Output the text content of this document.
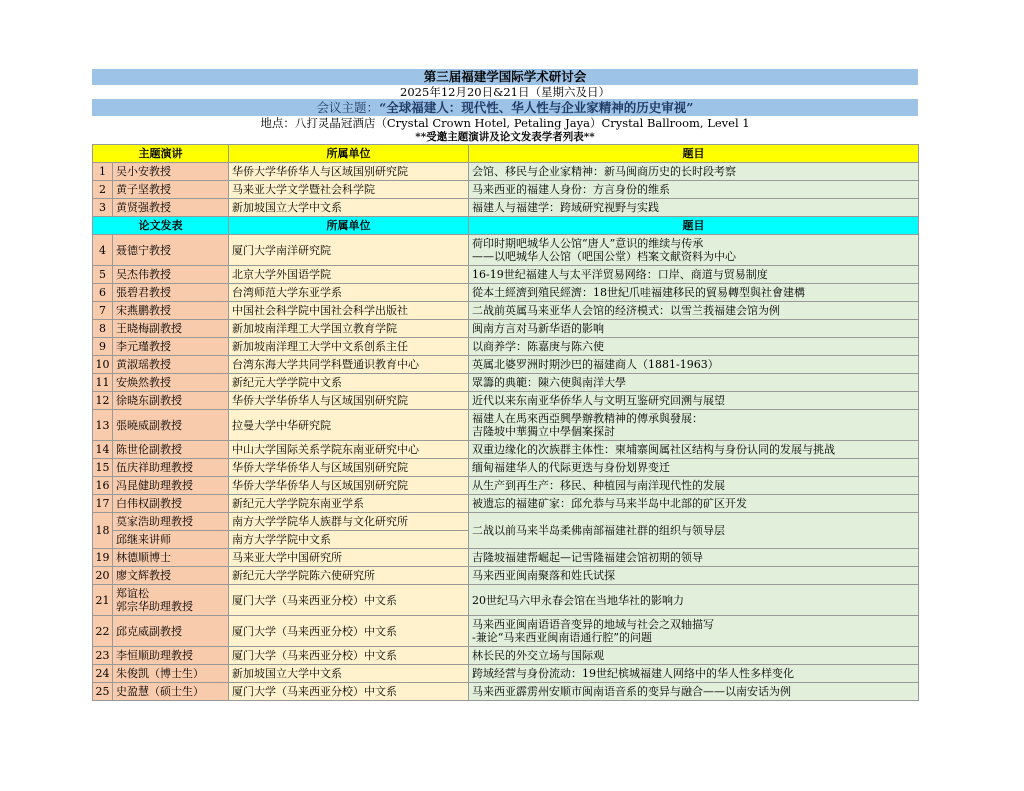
第三届福建学国际学术研讨会
2025年12月20日&21日（星期六及日）
会议主题：“全球福建人：现代性、华人性与企业家精神的历史审视”
地点：八打灵晶冠酒店（Crystal Crown Hotel, Petaling Jaya）Crystal Ballroom, Level 1
**受邀主题演讲及论文发表学者列表**
主题演讲		所属单位	题目
1	吴小安教授	华侨大学华侨华人与区域国别研究院	会馆、移民与企业家精神：新马闽商历史的长时段考察

2	黄子坚教授	马来亚大学文学暨社会科学院	马来西亚的福建人身份：方言身份的维系

3	黄贤强教授	新加坡国立大学中文系	福建人与福建学：跨域研究视野与实践

论文发表		所属单位	题目
4	聂德宁教授	厦门大学南洋研究院	荷印时期吧城华人公馆“唐人”意识的维续与传承
——以吧城华人公馆（吧国公堂）档案文献资料为中心

5	吴杰伟教授	北京大学外国语学院	16-19世纪福建人与太平洋贸易网络：口岸、商道与贸易制度

6	張碧君教授	台湾师范大学东亚学系	從本土經濟到殖民經濟：18世紀爪哇福建移民的貿易轉型與社會建構

7	宋燕鹏教授	中国社会科学院中国社会科学出版社	二战前英属马来亚华人会馆的经济模式：以雪兰莪福建会馆为例

8	王晓梅副教授	新加坡南洋理工大学国立教育学院	闽南方言对马新华语的影响

9	李元瑾教授	新加坡南洋理工大学中文系创系主任	以商养学：陈嘉庚与陈六使

10	黄淑瑶教授	台湾东海大学共同学科暨通识教育中心	英属北婆罗洲时期沙巴的福建商人（1881-1963）

11	安焕然教授	新纪元大学学院中文系	眾籌的典範：陳六使與南洋大學

12	徐晓东副教授	华侨大学华侨华人与区域国别研究院	近代以来东南亚华侨华人与文明互鉴研究回溯与展望

13	張曉威副教授	拉曼大学中华研究院	福建人在馬來西亞興學辦教精神的傳承與發展：
吉隆坡中華獨立中學個案探討

14	陈世伦副教授	中山大学国际关系学院东南亚研究中心	双重边缘化的次族群主体性：柬埔寨闽属社区结构与身份认同的发展与挑战

15	伍庆祥助理教授	华侨大学华侨华人与区域国别研究院	缅甸福建华人的代际更迭与身份划界变迁

16	冯昆健助理教授	华侨大学华侨华人与区域国别研究院	从生产到再生产：移民、种植园与南洋现代性的发展

17	白伟权副教授	新纪元大学学院东南亚学系	被遗忘的福建矿家：邱允恭与马来半岛中北部的矿区开发

18	莫家浩助理教授	南方大学学院华人族群与文化研究所	二战以前马来半岛柔佛南部福建社群的组织与领导层

	邱继来讲师	南方大学学院中文系	
19	林德顺博士	马来亚大学中国研究所	吉隆坡福建帮崛起—记雪隆福建会馆初期的领导

20	廖文辉教授	新纪元大学学院陈六使研究所	马来西亚闽南聚落和姓氏试探

21	郑谊松
郭宗华助理教授	厦门大学（马来西亚分校）中文系	20世纪马六甲永春会馆在当地华社的影响力

22	邱克威副教授	厦门大学（马来西亚分校）中文系	马来西亚闽南语语音变异的地域与社会之双轴描写
-兼论“马来西亚闽南语通行腔”的问题

23	李恒顺助理教授	厦门大学（马来西亚分校）中文系	林长民的外交立场与国际观

24	朱俊凯（博士生）	新加坡国立大学中文系	跨域经营与身份流动：19世纪槟城福建人网络中的华人性多样变化

25	史盈慧（硕士生）	厦门大学（马来西亚分校）中文系	马来西亚霹雳州安顺市闽南语音系的变异与融合——以南安话为例
